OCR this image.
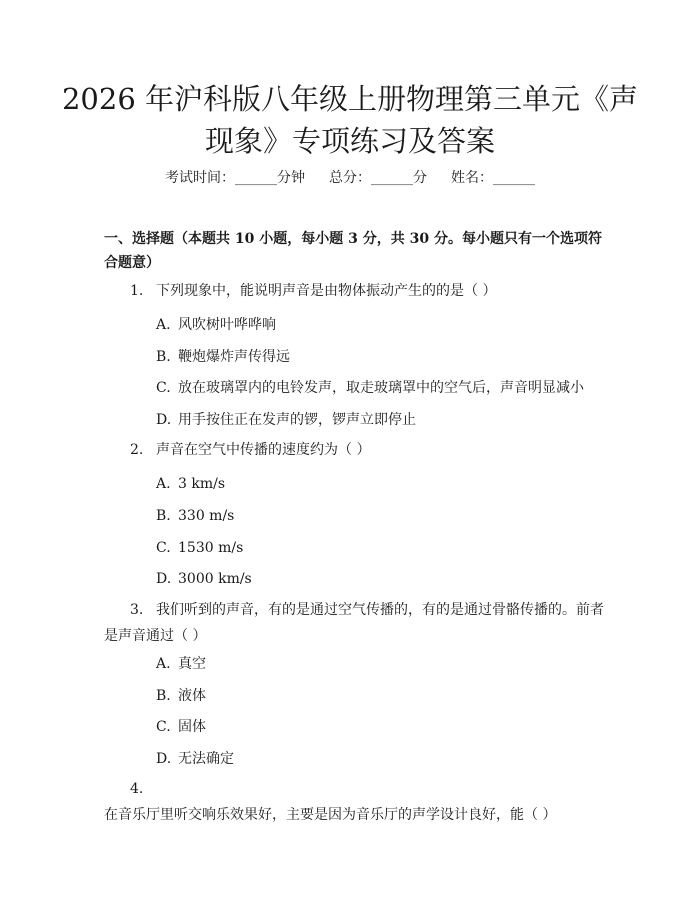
2026 年沪科版八年级上册物理第三单元《声
现象》专项练习及答案
考试时间：______分钟 总分：______分 姓名：______
一、选择题（本题共 10 小题，每小题 3 分，共 30 分。每小题只有一个选项符合题意）
1. 下列现象中，能说明声音是由物体振动产生的的是（ ）
A. 风吹树叶哗哗响
B. 鞭炮爆炸声传得远
C. 放在玻璃罩内的电铃发声，取走玻璃罩中的空气后，声音明显减小
D. 用手按住正在发声的锣，锣声立即停止
2. 声音在空气中传播的速度约为（ ）
A. 3 km/s
B. 330 m/s
C. 1530 m/s
D. 3000 km/s
3. 我们听到的声音，有的是通过空气传播的，有的是通过骨骼传播的。前者是声音通过（ ）
A. 真空
B. 液体
C. 固体
D. 无法确定
4.在音乐厅里听交响乐效果好，主要是因为音乐厅的声学设计良好，能（ ）
